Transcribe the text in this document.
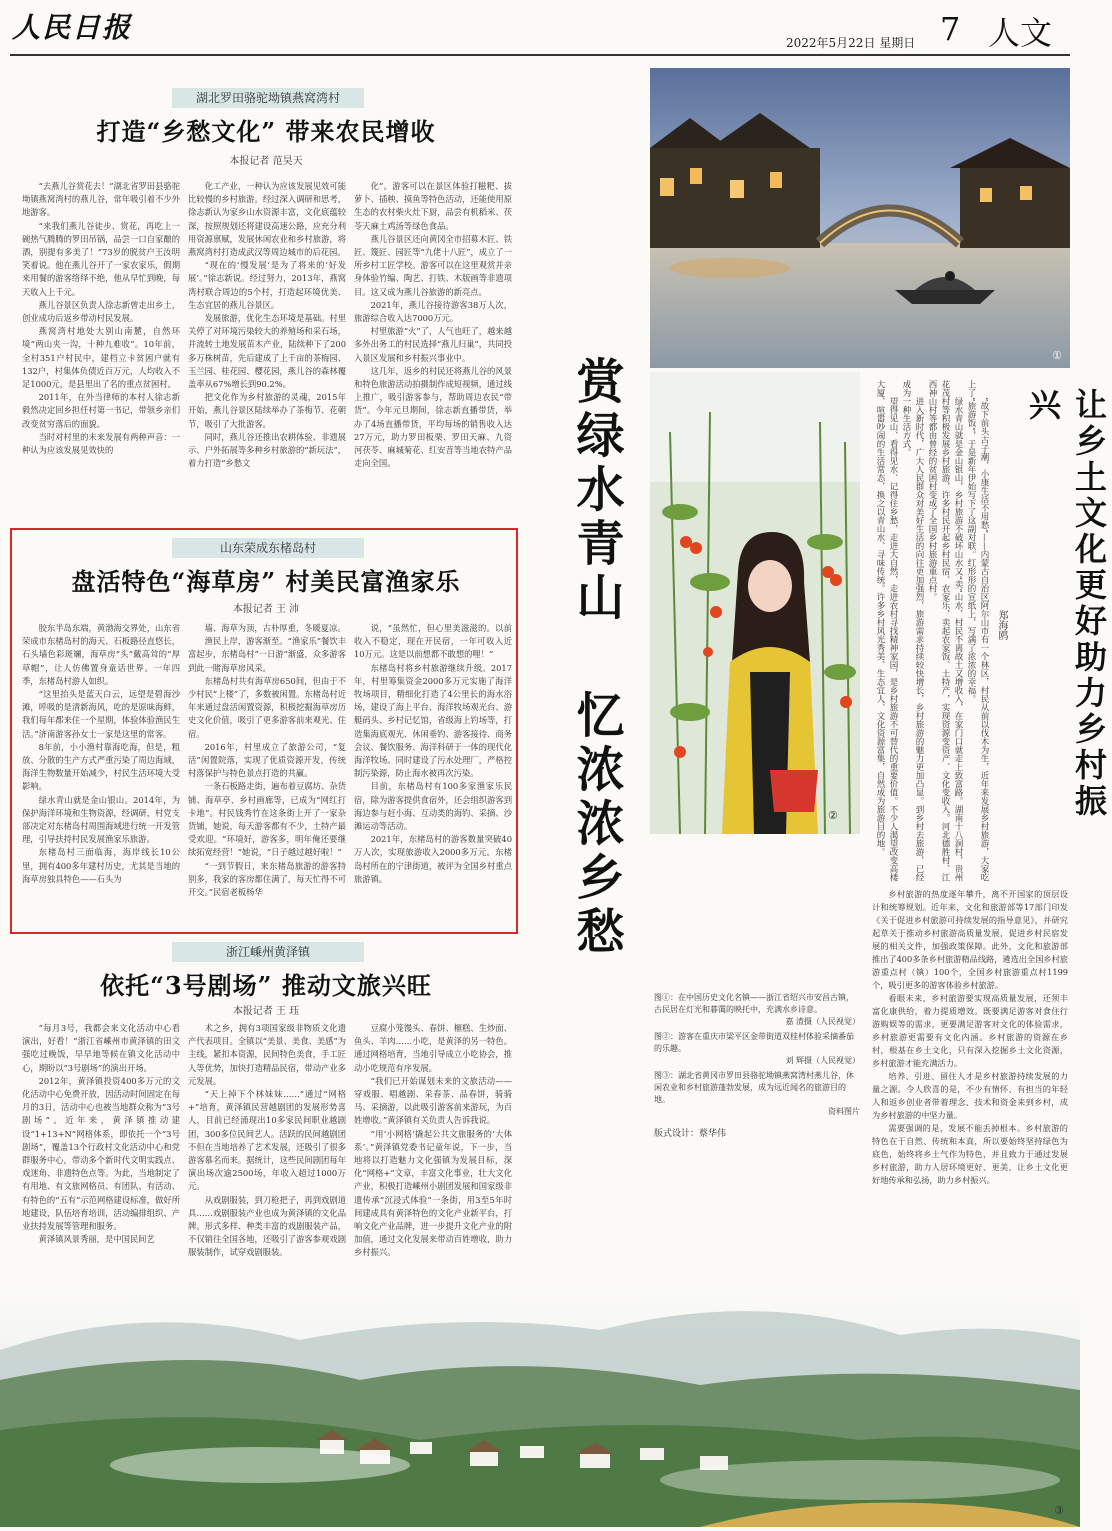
人民日报	2022年5月22日 星期日 7 人文
湖北罗田骆驼坳镇燕窝湾村
打造“乡愁文化” 带来农民增收
本报记者 范昊天

“去燕儿谷赏花去！”湖北省罗田县骆驼坳镇燕窝湾村的燕儿谷，常年吸引着不少外地游客。

“来我们燕儿谷徒步、赏花，再吃上一碗热气腾腾的罗田吊锅，品尝一口自家酿的酒，别提有多美了！”73岁的脱贫户王汝明笑着说。他在燕儿谷开了一家农家乐，假期来用餐的游客络绎不绝，他从早忙到晚，每天收入上千元。

燕儿谷景区负责人徐志新曾走出乡土，创业成功后返乡带动村民发展。

燕窝湾村地处大别山南麓，自然环境“两山夹一沟，十种九难收”。10年前，全村351户村民中，建档立卡贫困户就有132户，村集体负债近百万元，人均收入不足1000元，是县里出了名的重点贫困村。

2011年，在外当律师的本村人徐志新毅然决定回乡担任村第一书记，带领乡亲们改变贫穷落后的面貌。

当时对村里的未来发展有两种声音：一种认为应该发展见效快的

化工产业，一种认为应该发展见效可能比较慢的乡村旅游。经过深入调研和思考，徐志新认为家乡山水资源丰富，文化底蕴较深，按照规划还将建设高速公路，应充分利用资源禀赋，发展休闲农业和乡村旅游，将燕窝湾村打造成武汉等周边城市的后花园。

“现在的‘慢发展’是为了将来的‘好发展’。”徐志新说。经过努力，2013年，燕窝湾村联合周边的5个村，打造起环境优美、生态宜居的燕儿谷景区。

发展旅游，优化生态环境是基础。村里关停了对环境污染较大的养殖场和采石场，并流转土地发展苗木产业，陆续种下了200多万株树苗，先后建成了上千亩的茶梅园、玉兰园、桂花园、樱花园，燕儿谷的森林覆盖率从67%增长到90.2%。

把文化作为乡村旅游的灵魂，2015年开始，燕儿谷景区陆续举办了茶梅节、花朝节，吸引了大批游客。

同时，燕儿谷还推出农耕体验、非遗展示、户外拓展等多种乡村旅游的“新玩法”，着力打造“乡愁文

化”。游客可以在景区体验打糍粑、拔萝卜、插秧、摸鱼等特色活动，还能使用原生态的农村柴火灶下厨，品尝有机稻米、茯苓天麻土鸡汤等绿色食品。

燕儿谷景区还向黄冈全市招募木匠、铁匠、篾匠、园匠等“九佬十八匠”，成立了一所乡村工匠学校。游客可以在这里观赏并亲身体验竹编、陶艺、打铁、木版画等非遗项目。这又成为燕儿谷旅游的新亮点。

2021年，燕儿谷接待游客38万人次，旅游综合收入达7000万元。

村里旅游“火”了，人气也旺了，越来越多外出务工的村民选择“燕儿归巢”，共同投入景区发展和乡村振兴事业中。

这几年，返乡的村民还将燕儿谷的风景和特色旅游活动拍摄制作成短视频，通过线上推广，吸引游客参与，帮助周边农民“带货”。今年元旦期间，徐志新直播带货，举办了4场直播带货，平均每场的销售收入达27万元，助力罗田板栗、罗田天麻、九资河茯苓、麻城菊花、红安苕等当地农特产品走向全国。

山东荣成东楮岛村
盘活特色“海草房” 村美民富渔家乐
本报记者 王 沛

胶东半岛东端，黄渤海交界处，山东省荣成市东楮岛村的海天、石板路径直悠长，石头墙色彩斑斓，海草房“头”戴高耸的“厚草帽”，让人仿佛置身童话世界。一年四季，东楮岛村游人如织。

“这里抬头是蓝天白云，远望是碧海沙滩，呼吸的是清新海风，吃的是原味海鲜，我们每年都来住一个星期，体验体验渔民生活。”济南游客孙女士一家是这里的常客。

8年前，小小渔村靠海吃海，但是，粗放、分散的生产方式严重污染了周边海域，海洋生物数量开始减少，村民生活环境大受影响。

绿水青山就是金山银山。2014年，为保护海洋环境和生物资源，经调研，村党支部决定对东楮岛村周围海域进行统一开发管理，引导扶持村民发展渔家乐旅游。

东楮岛村三面临海，海岸线长10公里，拥有400多年建村历史，尤其是当地的海草房独具特色——石头为

墙、海草为顶，古朴厚重，冬暖夏凉。

渔民上岸，游客渐至。“渔家乐”餐饮丰富起步，东楮岛村“一日游”渐盛，众多游客到此一睹海草房风采。

东楮岛村共有海草房650间，但由于不少村民“上楼”了，多数被闲置。东楮岛村近年来通过盘活闲置资源，积极挖掘海草房历史文化价值，吸引了更多游客前来观光、住宿。

2016年，村里成立了旅游公司，“复活”闲置院落，实现了优质资源开发，传统村落保护与特色景点打造的共赢。

一条石板路走街，遍布着豆腐坊、杂货铺、海草亭、乡村画廊等，已成为“网红打卡地”。村民钱秀竹在这条街上开了一家杂货铺，她说，每天游客都有不少，土特产最受欢迎。“环境好，游客多，明年俺还要继续拓宽经营！”她说，“日子越过越好啦！”

“一到节假日，来东楮岛旅游的游客特别多，我家的客房都住满了，每天忙得不可开交。”民宿老板杨华

说，“虽然忙，但心里美滋滋的。以前收入不稳定，现在开民宿，一年可收入近10万元。这是以前想都不敢想的哩！”

东楮岛村将乡村旅游继续升级。2017年，村里筹集资金2000多万元实施了海洋牧场项目，精细化打造了4公里长的海水浴场，建设了海上平台、海洋牧场观光台、游艇码头、乡村记忆馆，省级海上钓场等，打造集海底观光、休闲垂钓、游客接待、商务会议、餐饮服务、海洋科研于一体的现代化海洋牧场。同时建设了污水处理厂，严格控制污染源，防止海水被再次污染。

目前，东楮岛村有100多家渔家乐民宿，除为游客提供食宿外，还会组织游客到海边参与赶小海、互动类的海钓、采摘、沙滩运动等活动。

2021年，东楮岛村的游客数量突破40万人次，实现旅游收入2000多万元。东楮岛村所在的宁津街道，被评为全国乡村重点旅游镇。

浙江嵊州黄泽镇
依托“3号剧场” 推动文旅兴旺
本报记者 王 珏

“每月3号，我都会来文化活动中心看演出，好看！”浙江省嵊州市黄泽镇的田文强吃过晚饭，早早地等候在镇文化活动中心，期盼以“3号剧场”的演出开场。

2012年，黄泽镇投资400多万元的文化活动中心免费开放，因活动时间固定在每月的3日，活动中心也被当地群众称为“3号剧场”。近年来，黄泽镇推动建设“1+13+N”网格体系，即依托一个“3号剧场”，覆盖13个行政村文化活动中心和党群服务中心，带动多个新时代文明实践点、戏迷角、非遗特色点等。为此，当地制定了有用地、有文旅网格员、有团队、有活动、有特色的“五有”示范网格建设标准，做好所地建设，队伍培育培训，活动编排组织、产业扶持发展等管理和服务。

黄泽镇风景秀丽，是中国民间艺

术之乡，拥有3项国家级非物质文化遗产代表项目。全镇以“美景、美食、美感”为主线，紧扣本资源，民间特色美食，手工匠人等优势，加快打造精品民宿，带动产业多元发展。

“天上掉下个林妹妹……”通过“网格+”培育，黄泽镇民营越剧团的发展形势喜人，目前已经涌现出10多家民间职业越剧团，300多位民间艺人。活跃的民间越剧团不但在当地培养了艺术发展，还吸引了很多游客慕名而来。据统计，这些民间剧团每年演出场次逾2500场，年收入超过1000万元。

从戏剧服装，到刀枪把子，再到戏剧道具……戏剧服装产业也成为黄泽镇的文化品牌。形式多样、种类丰富的戏剧服装产品，不仅销往全国各地，还吸引了游客参观戏剧服装制作，试穿戏剧服装。

豆腐小笼馒头、春饼、榧糕、生炒面、鱼头、羊肉……小吃，是黄泽的另一特色。通过网格培育，当地引导成立小吃协会，推动小吃规范有序发展。

“我们已开始谋划未来的文旅活动——穿戏服、唱越剧、采春茶、品春饼，骑骑马、采摘游，以此吸引游客前来游玩，为百姓增收。”黄泽镇有关负责人告诉我说。

“用‘小网格’撬起公共文旅服务的‘大体系’。”黄泽镇党委书记童年说，下一步，当地将以打造魅力文化强镇为发展目标，深化“网格+”文章，丰富文化事业，壮大文化产业，积极打造嵊州小剧团发展和国家级非遗传承“沉浸式体验”一条街，用3至5年时间建成具有黄泽特色的文化产业新平台，打响文化产业品牌，进一步提升文化产业的附加值，通过文化发展来带动百姓增收，助力乡村振兴。

赏绿水青山
忆浓浓乡愁
①
②
图①：在中国历史文化名镇——浙江省绍兴市安昌古镇，古民居在灯光和暮霭的映托中，充满水乡诗意。
嘉 渣摄（人民视觉）
图②：游客在重庆市梁平区金带街道双桂村体验采摘番茄的乐趣。
刘 辉摄（人民视觉）
图③：湖北省黄冈市罗田县骆驼坳镇燕窝湾村燕儿谷，休闲农业和乡村旅游蓬勃发展，成为远近闻名的旅游目的地。
资料图片
版式设计：蔡华伟
让乡土文化更好助力乡村振兴
郑海鸥

“故下前头古子潮，小康生活不用愁”——内蒙古自治区阿尔山市有一个林区，村民从前以伐木为生，近年来发展乡村旅游，大家吃上了“旅游饭”，于是新年伊始写下了这副对联。红形形的宣纸上，写满了浓浓的幸福。

绿水青山就是金山银山，乡村旅游不破坏山水又“卖”山水，村民不离故土又增收入，在家门口就走上致富路。湖南十八洞村，贵州花茂村等积极发展乡村旅游，许多村民开起乡村民宿、农家乐，卖起农家饭、土特产，实现资源变资产、文化变收入。河北德胜村、江西神山村等都由曾经的贫困村变成了全国乡村旅游重点村。

进入新时代，广大人民群众对美好生活的向往更加强烈，旅游需求持续较快增长，乡村旅游的魅力更加凸显。到乡村去旅游，已经成为一种生活方式。

望得见山、看得见水、记得住乡愁，走进大自然，走进农村寻找精神家园，是乡村旅游不可替代的重要价值。不少人渴望改变高楼大厦、喧嚣吵闹的生活常态，换之以青山水、寻味传统。许多乡村风光秀美、生态宜人、文化资源富集，自然成为旅游目的地。

乡村旅游的热度逐年攀升，离不开国家的顶层设计和统筹规划。近年来，文化和旅游部等17部门印发《关于促进乡村旅游可持续发展的指导意见》，并研究起草关于推动乡村旅游高质量发展，促进乡村民宿发展的相关文件，加强政策保障。此外，文化和旅游部推出了400多条乡村旅游精品线路，遴选出全国乡村旅游重点村（镇）100个，全国乡村旅游重点村1199个，吸引更多的游客体验乡村旅游。

看眼未来，乡村旅游要实现高质量发展，还须丰富化康供给，着力提质增效。既要满足游客对食住行游购娱等的需求，更要满足游客对文化的体验需求，乡村旅游更需要有文化内涵。乡村旅游的资源在乡村，根基在乡土文化，只有深入挖掘乡土文化资源，乡村旅游才能充满活力。

培养、引进、留住人才是乡村旅游持续发展的力量之源。令人欣喜的是，不少有情怀、有担当的年轻人和返乡创业者带着理念、技术和资金来到乡村，成为乡村旅游的中坚力量。

需要强调的是，发展不能丢掉根本。乡村旅游的特色在于自然、传统和本真，所以要始终坚持绿色为底色，始终将乡土气作为特色，并且致力于通过发展乡村旅游，助力人居环境更好、更美，让乡土文化更好地传承和弘扬，助力乡村振兴。

③
